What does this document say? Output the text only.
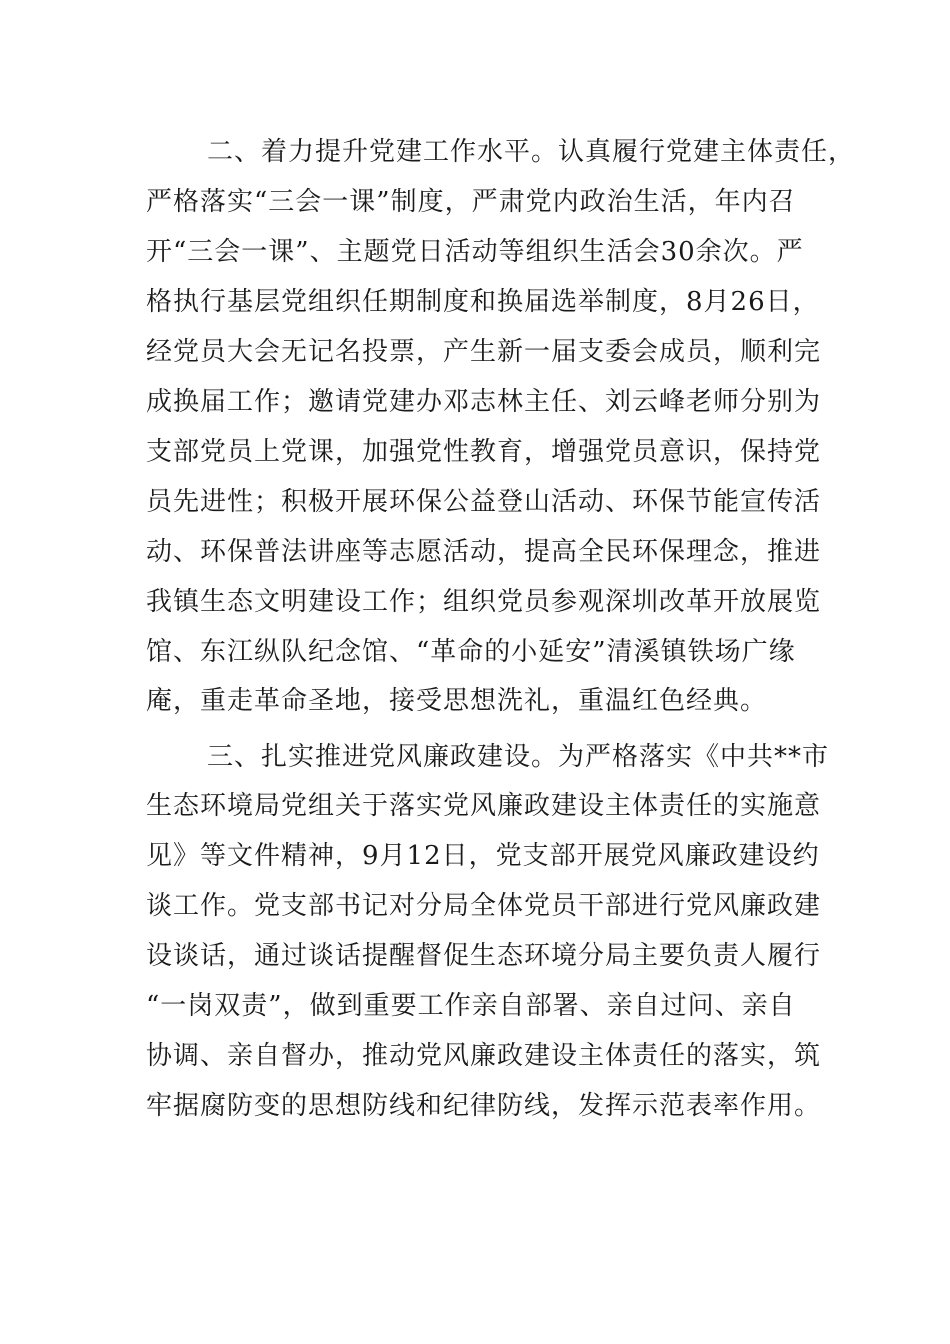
二、着力提升党建工作水平。认真履行党建主体责任，
严格落实“三会一课”制度，严肃党内政治生活，年内召
开“三会一课”、主题党日活动等组织生活会30余次。严
格执行基层党组织任期制度和换届选举制度，8月26日，
经党员大会无记名投票，产生新一届支委会成员，顺利完
成换届工作；邀请党建办邓志林主任、刘云峰老师分别为
支部党员上党课，加强党性教育，增强党员意识，保持党
员先进性；积极开展环保公益登山活动、环保节能宣传活
动、环保普法讲座等志愿活动，提高全民环保理念，推进
我镇生态文明建设工作；组织党员参观深圳改革开放展览
馆、东江纵队纪念馆、“革命的小延安”清溪镇铁场广缘
庵，重走革命圣地，接受思想洗礼，重温红色经典。
三、扎实推进党风廉政建设。为严格落实《中共**市
生态环境局党组关于落实党风廉政建设主体责任的实施意
见》等文件精神，9月12日，党支部开展党风廉政建设约
谈工作。党支部书记对分局全体党员干部进行党风廉政建
设谈话，通过谈话提醒督促生态环境分局主要负责人履行
“一岗双责”，做到重要工作亲自部署、亲自过问、亲自
协调、亲自督办，推动党风廉政建设主体责任的落实，筑
牢据腐防变的思想防线和纪律防线，发挥示范表率作用。
